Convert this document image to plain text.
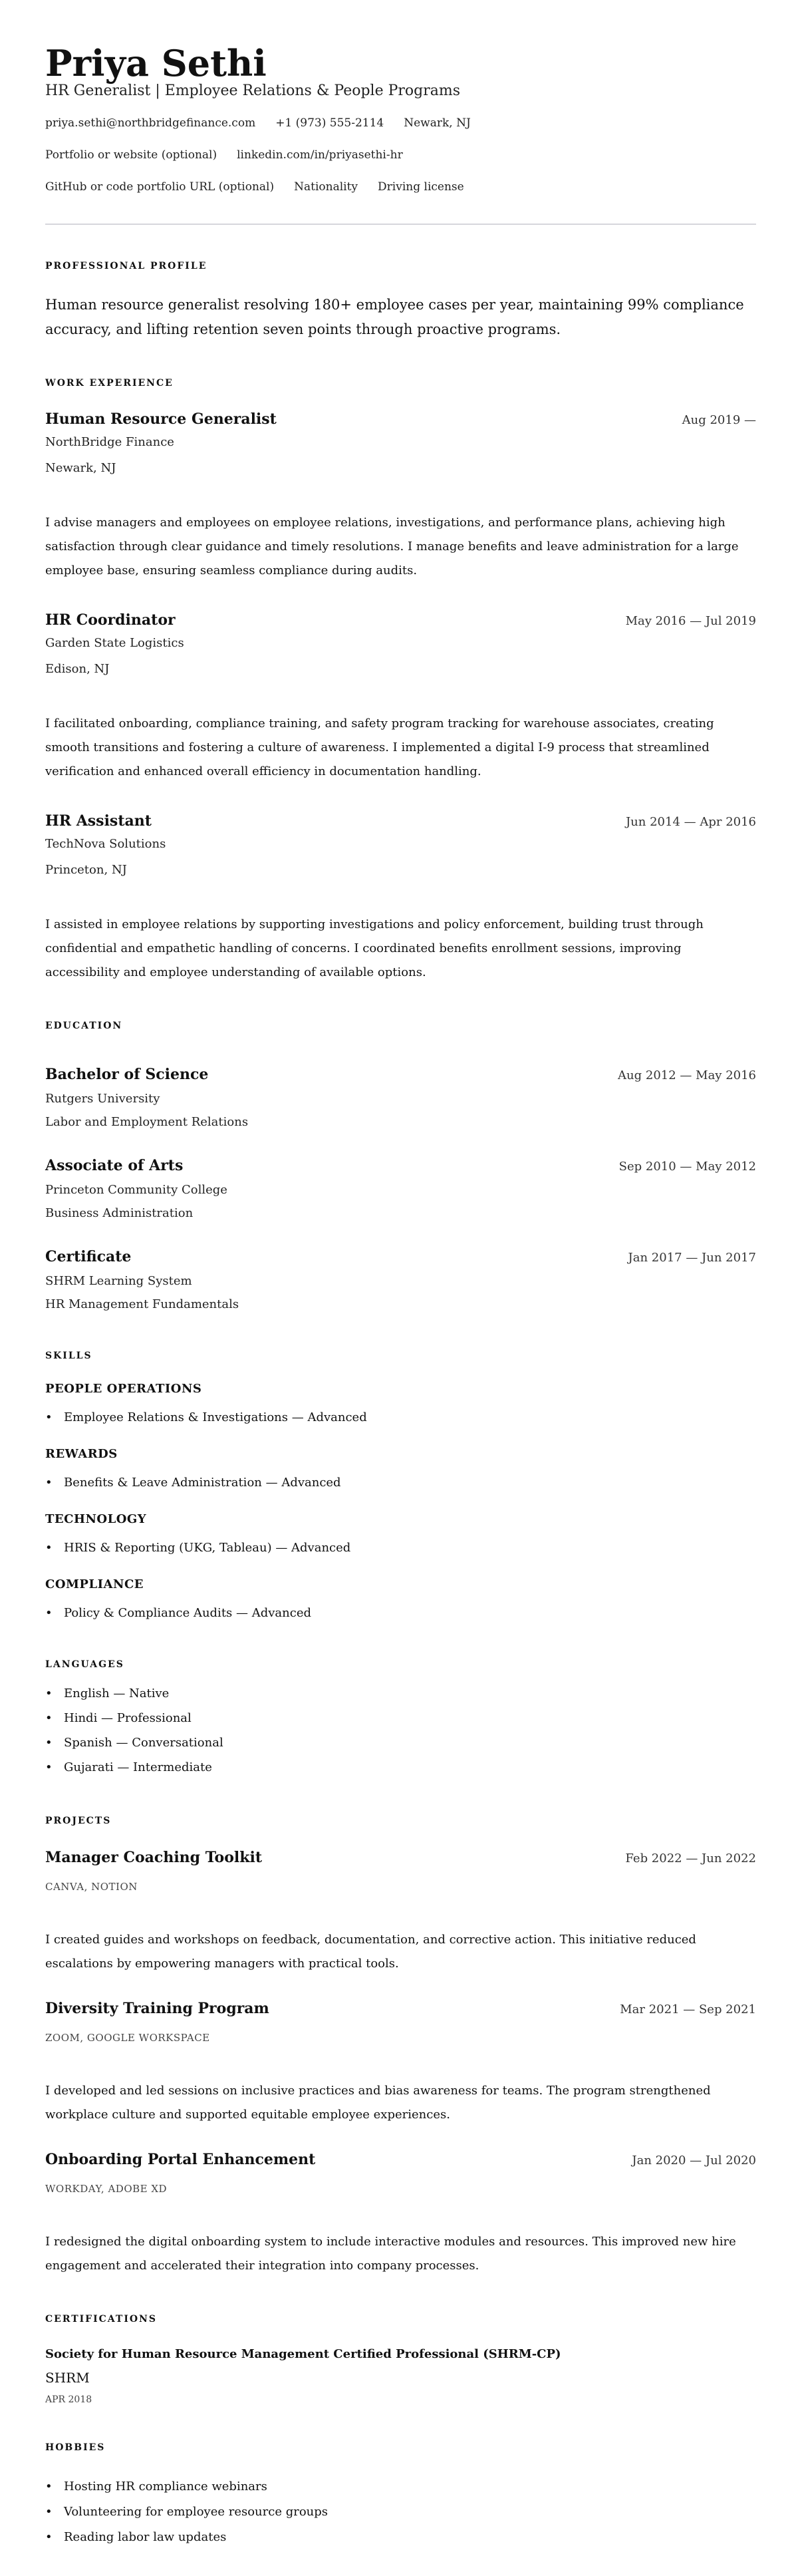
Priya Sethi
HR Generalist | Employee Relations & People Programs
priya.sethi@northbridgefinance.com +1 (973) 555-2114 Newark, NJ
Portfolio or website (optional) linkedin.com/in/priyasethi-hr
GitHub or code portfolio URL (optional) Nationality Driving license
PROFESSIONAL PROFILE
Human resource generalist resolving 180+ employee cases per year, maintaining 99% compliance accuracy, and lifting retention seven points through proactive programs.
WORK EXPERIENCE
Human Resource Generalist	Aug 2019 —
NorthBridge Finance
Newark, NJ
I advise managers and employees on employee relations, investigations, and performance plans, achieving high satisfaction through clear guidance and timely resolutions. I manage benefits and leave administration for a large employee base, ensuring seamless compliance during audits.
HR Coordinator	May 2016 — Jul 2019
Garden State Logistics
Edison, NJ
I facilitated onboarding, compliance training, and safety program tracking for warehouse associates, creating smooth transitions and fostering a culture of awareness. I implemented a digital I-9 process that streamlined verification and enhanced overall efficiency in documentation handling.
HR Assistant	Jun 2014 — Apr 2016
TechNova Solutions
Princeton, NJ
I assisted in employee relations by supporting investigations and policy enforcement, building trust through confidential and empathetic handling of concerns. I coordinated benefits enrollment sessions, improving accessibility and employee understanding of available options.
EDUCATION
Bachelor of Science	Aug 2012 — May 2016
Rutgers University
Labor and Employment Relations
Associate of Arts	Sep 2010 — May 2012
Princeton Community College
Business Administration
Certificate	Jan 2017 — Jun 2017
SHRM Learning System
HR Management Fundamentals
SKILLS
PEOPLE OPERATIONS
• Employee Relations & Investigations — Advanced
REWARDS
• Benefits & Leave Administration — Advanced
TECHNOLOGY
• HRIS & Reporting (UKG, Tableau) — Advanced
COMPLIANCE
• Policy & Compliance Audits — Advanced
LANGUAGES
• English — Native
• Hindi — Professional
• Spanish — Conversational
• Gujarati — Intermediate
PROJECTS
Manager Coaching Toolkit	Feb 2022 — Jun 2022
CANVA, NOTION
I created guides and workshops on feedback, documentation, and corrective action. This initiative reduced escalations by empowering managers with practical tools.
Diversity Training Program	Mar 2021 — Sep 2021
ZOOM, GOOGLE WORKSPACE
I developed and led sessions on inclusive practices and bias awareness for teams. The program strengthened workplace culture and supported equitable employee experiences.
Onboarding Portal Enhancement	Jan 2020 — Jul 2020
WORKDAY, ADOBE XD
I redesigned the digital onboarding system to include interactive modules and resources. This improved new hire engagement and accelerated their integration into company processes.
CERTIFICATIONS
Society for Human Resource Management Certified Professional (SHRM-CP)
SHRM
APR 2018
HOBBIES
• Hosting HR compliance webinars
• Volunteering for employee resource groups
• Reading labor law updates
